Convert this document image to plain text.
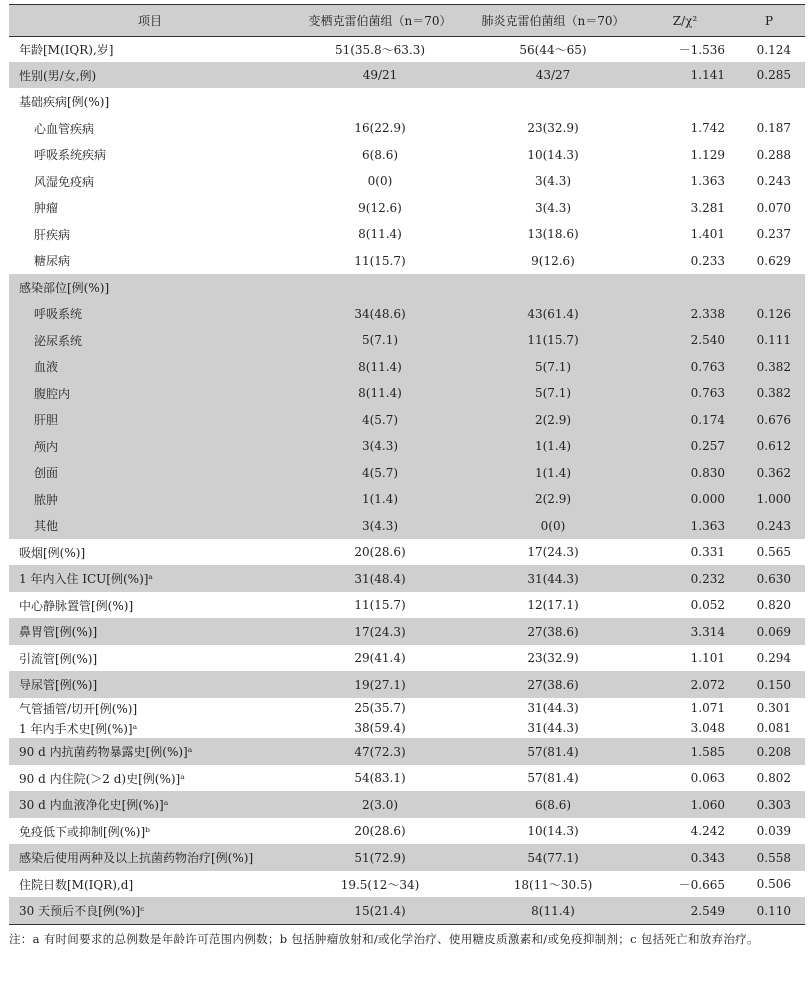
项目	变栖克雷伯菌组（n＝70）	肺炎克雷伯菌组（n＝70）	Z/χ²	P
年龄[M(IQR),岁]	51(35.8～63.3)	56(44～65)	－1.536	0.124
性别(男/女,例)	49/21	43/27	1.141	0.285
基础疾病[例(%)]
心血管疾病	16(22.9)	23(32.9)	1.742	0.187
呼吸系统疾病	6(8.6)	10(14.3)	1.129	0.288
风湿免疫病	0(0)	3(4.3)	1.363	0.243
肿瘤	9(12.6)	3(4.3)	3.281	0.070
肝疾病	8(11.4)	13(18.6)	1.401	0.237
糖尿病	11(15.7)	9(12.6)	0.233	0.629
感染部位[例(%)]
呼吸系统	34(48.6)	43(61.4)	2.338	0.126
泌尿系统	5(7.1)	11(15.7)	2.540	0.111
血液	8(11.4)	5(7.1)	0.763	0.382
腹腔内	8(11.4)	5(7.1)	0.763	0.382
肝胆	4(5.7)	2(2.9)	0.174	0.676
颅内	3(4.3)	1(1.4)	0.257	0.612
创面	4(5.7)	1(1.4)	0.830	0.362
脓肿	1(1.4)	2(2.9)	0.000	1.000
其他	3(4.3)	0(0)	1.363	0.243
吸烟[例(%)]	20(28.6)	17(24.3)	0.331	0.565
1 年内入住 ICU[例(%)]ᵃ	31(48.4)	31(44.3)	0.232	0.630
中心静脉置管[例(%)]	11(15.7)	12(17.1)	0.052	0.820
鼻胃管[例(%)]	17(24.3)	27(38.6)	3.314	0.069
引流管[例(%)]	29(41.4)	23(32.9)	1.101	0.294
导尿管[例(%)]	19(27.1)	27(38.6)	2.072	0.150
气管插管/切开[例(%)]	25(35.7)	31(44.3)	1.071	0.301
1 年内手术史[例(%)]ᵃ	38(59.4)	31(44.3)	3.048	0.081
90 d 内抗菌药物暴露史[例(%)]ᵃ	47(72.3)	57(81.4)	1.585	0.208
90 d 内住院(＞2 d)史[例(%)]ᵃ	54(83.1)	57(81.4)	0.063	0.802
30 d 内血液净化史[例(%)]ᵃ	2(3.0)	6(8.6)	1.060	0.303
免疫低下或抑制[例(%)]ᵇ	20(28.6)	10(14.3)	4.242	0.039
感染后使用两种及以上抗菌药物治疗[例(%)]	51(72.9)	54(77.1)	0.343	0.558
住院日数[M(IQR),d]	19.5(12～34)	18(11～30.5)	－0.665	0.506
30 天预后不良[例(%)]ᶜ	15(21.4)	8(11.4)	2.549	0.110
注：a 有时间要求的总例数是年龄许可范围内例数；b 包括肿瘤放射和/或化学治疗、使用糖皮质激素和/或免疫抑制剂；c 包括死亡和放弃治疗。
